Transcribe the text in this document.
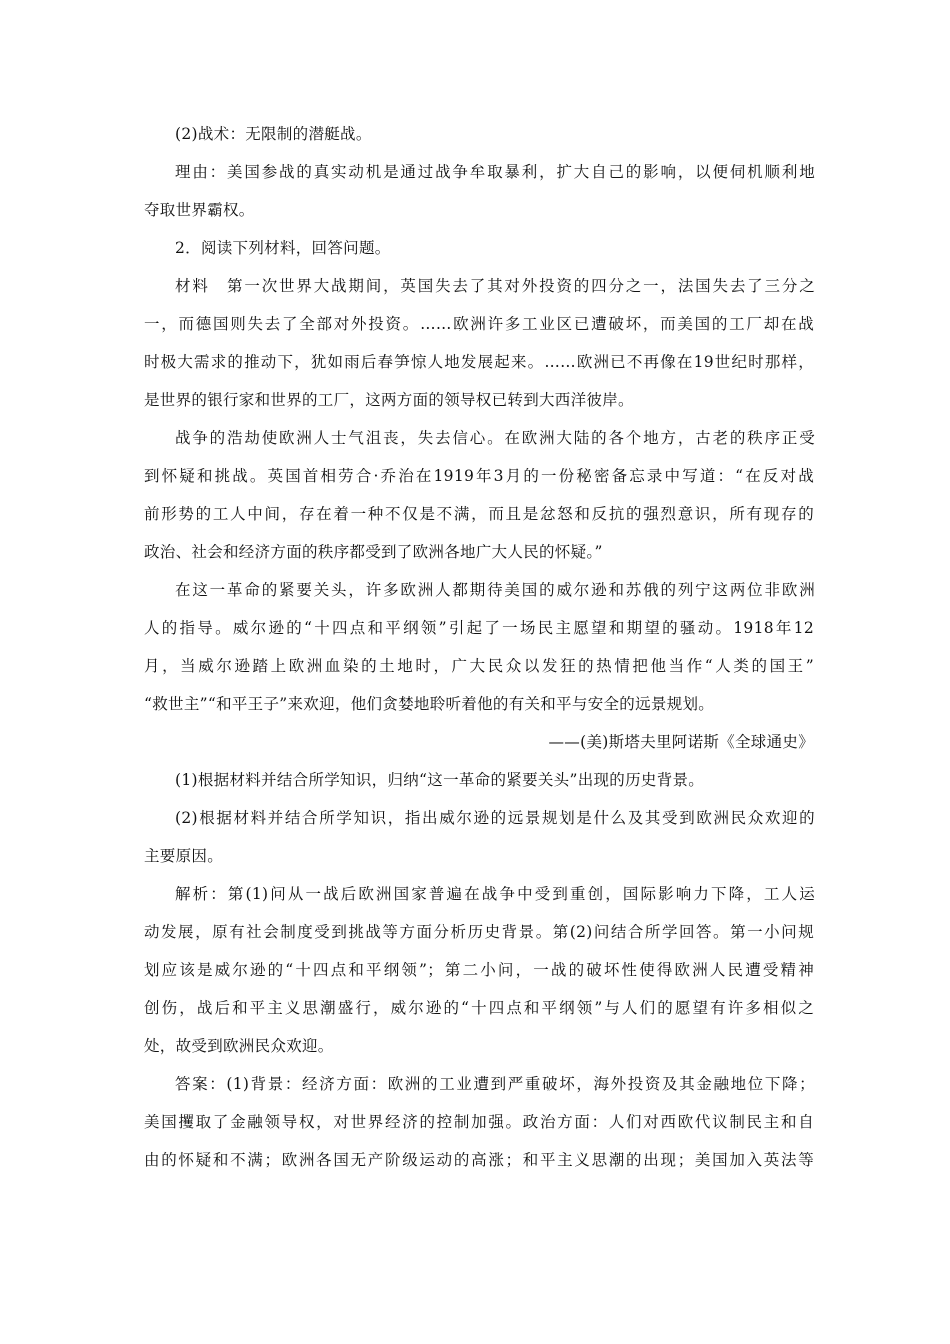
(2)战术：无限制的潜艇战。
理由：美国参战的真实动机是通过战争牟取暴利，扩大自己的影响，以便伺机顺利地
夺取世界霸权。
2．阅读下列材料，回答问题。
材料　第一次世界大战期间，英国失去了其对外投资的四分之一，法国失去了三分之
一，而德国则失去了全部对外投资。……欧洲许多工业区已遭破坏，而美国的工厂却在战
时极大需求的推动下，犹如雨后春笋惊人地发展起来。……欧洲已不再像在19世纪时那样，
是世界的银行家和世界的工厂，这两方面的领导权已转到大西洋彼岸。
战争的浩劫使欧洲人士气沮丧，失去信心。在欧洲大陆的各个地方，古老的秩序正受
到怀疑和挑战。英国首相劳合·乔治在1919年3月的一份秘密备忘录中写道：“在反对战
前形势的工人中间，存在着一种不仅是不满，而且是忿怒和反抗的强烈意识，所有现存的
政治、社会和经济方面的秩序都受到了欧洲各地广大人民的怀疑。”
在这一革命的紧要关头，许多欧洲人都期待美国的威尔逊和苏俄的列宁这两位非欧洲
人的指导。威尔逊的“十四点和平纲领”引起了一场民主愿望和期望的骚动。1918年12
月，当威尔逊踏上欧洲血染的土地时，广大民众以发狂的热情把他当作“人类的国王”
“救世主”“和平王子”来欢迎，他们贪婪地聆听着他的有关和平与安全的远景规划。
——(美)斯塔夫里阿诺斯《全球通史》
(1)根据材料并结合所学知识，归纳“这一革命的紧要关头”出现的历史背景。
(2)根据材料并结合所学知识，指出威尔逊的远景规划是什么及其受到欧洲民众欢迎的
主要原因。
解析：第(1)问从一战后欧洲国家普遍在战争中受到重创，国际影响力下降，工人运
动发展，原有社会制度受到挑战等方面分析历史背景。第(2)问结合所学回答。第一小问规
划应该是威尔逊的“十四点和平纲领”；第二小问，一战的破坏性使得欧洲人民遭受精神
创伤，战后和平主义思潮盛行，威尔逊的“十四点和平纲领”与人们的愿望有许多相似之
处，故受到欧洲民众欢迎。
答案：(1)背景：经济方面：欧洲的工业遭到严重破坏，海外投资及其金融地位下降；
美国攫取了金融领导权，对世界经济的控制加强。政治方面：人们对西欧代议制民主和自
由的怀疑和不满；欧洲各国无产阶级运动的高涨；和平主义思潮的出现；美国加入英法等
